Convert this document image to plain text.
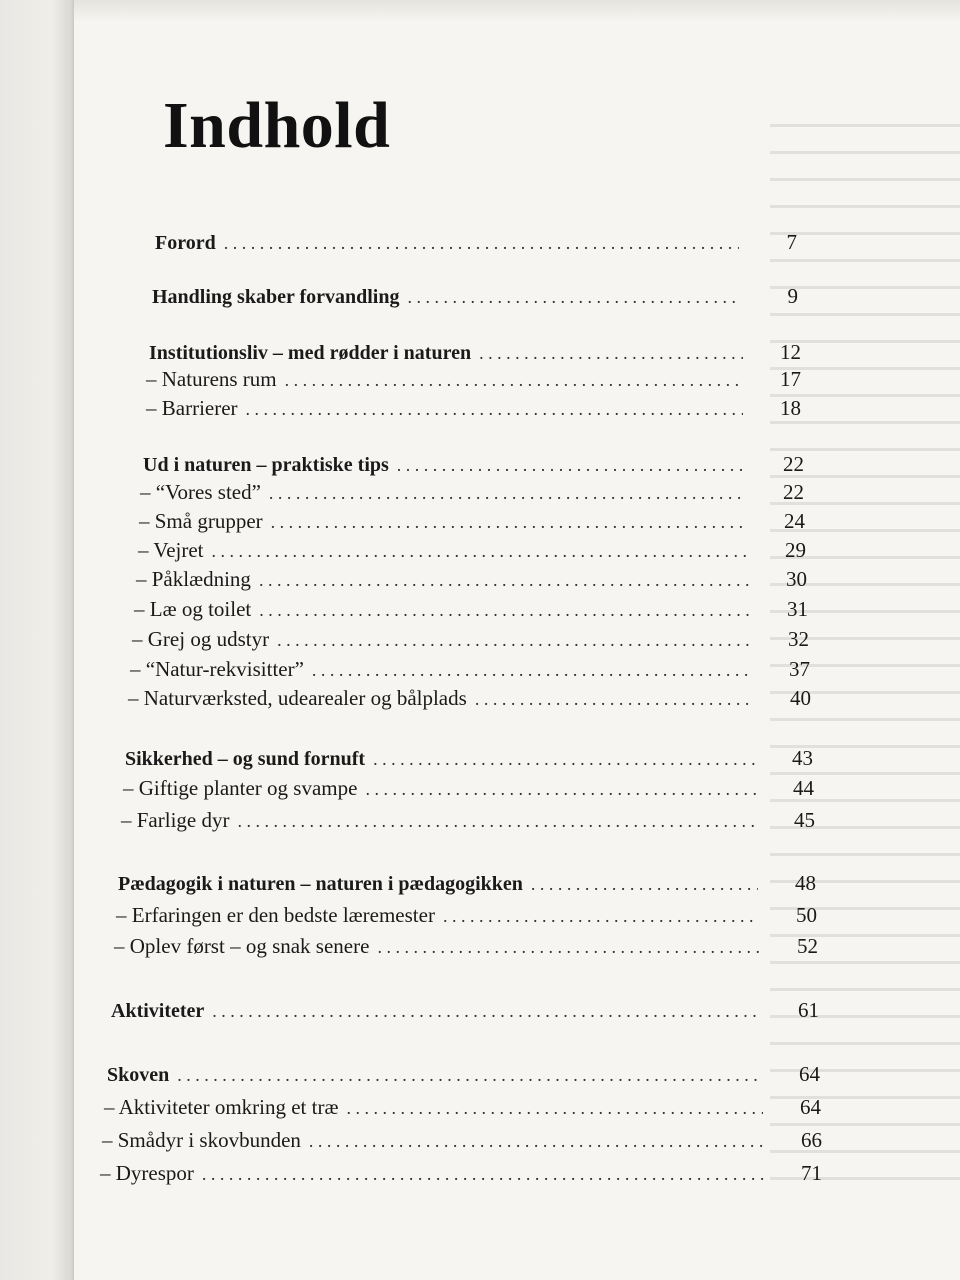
Indhold
Forord . . .	7
Handling skaber forvandling . . .	9
Institutionsliv – med rødder i naturen . . .	12
– Naturens rum . . .	17
– Barrierer . . .	18
Ud i naturen – praktiske tips . . .	22
– “Vores sted” . . .	22
– Små grupper . . .	24
– Vejret . . .	29
– Påklædning . . .	30
– Læ og toilet . . .	31
– Grej og udstyr . . .	32
– “Natur-rekvisitter” . . .	37
– Naturværksted, udearealer og bålplads . . .	40
Sikkerhed – og sund fornuft . . .	43
– Giftige planter og svampe . . .	44
– Farlige dyr . . .	45
Pædagogik i naturen – naturen i pædagogikken . . .	48
– Erfaringen er den bedste læremester . . .	50
– Oplev først – og snak senere . . .	52
Aktiviteter . . .	61
Skoven . . .	64
– Aktiviteter omkring et træ . . .	64
– Smådyr i skovbunden . . .	66
– Dyrespor . . .	71
